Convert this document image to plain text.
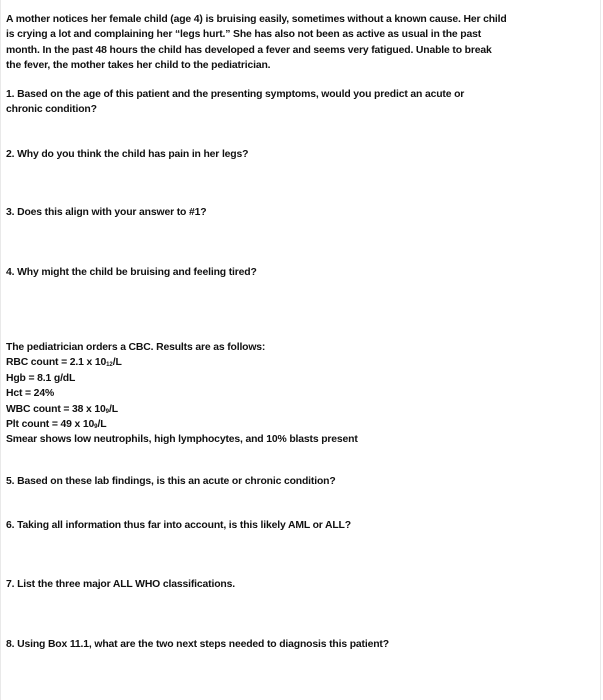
A mother notices her female child (age 4) is bruising easily, sometimes without a known cause. Her child
is crying a lot and complaining her “legs hurt.” She has also not been as active as usual in the past
month. In the past 48 hours the child has developed a fever and seems very fatigued. Unable to break
the fever, the mother takes her child to the pediatrician.
1. Based on the age of this patient and the presenting symptoms, would you predict an acute or
chronic condition?
2. Why do you think the child has pain in her legs?
3. Does this align with your answer to #1?
4. Why might the child be bruising and feeling tired?
The pediatrician orders a CBC. Results are as follows:
RBC count = 2.1 x $10_{12}/L$
Hgb = 8.1 g/dL
Hct = 24%
WBC count = 38 x $10_9/L$
Plt count = 49 x $10_9/L$
Smear shows low neutrophils, high lymphocytes, and 10% blasts present
5. Based on these lab findings, is this an acute or chronic condition?
6. Taking all information thus far into account, is this likely AML or ALL?
7. List the three major ALL WHO classifications.
8. Using Box 11.1, what are the two next steps needed to diagnosis this patient?
